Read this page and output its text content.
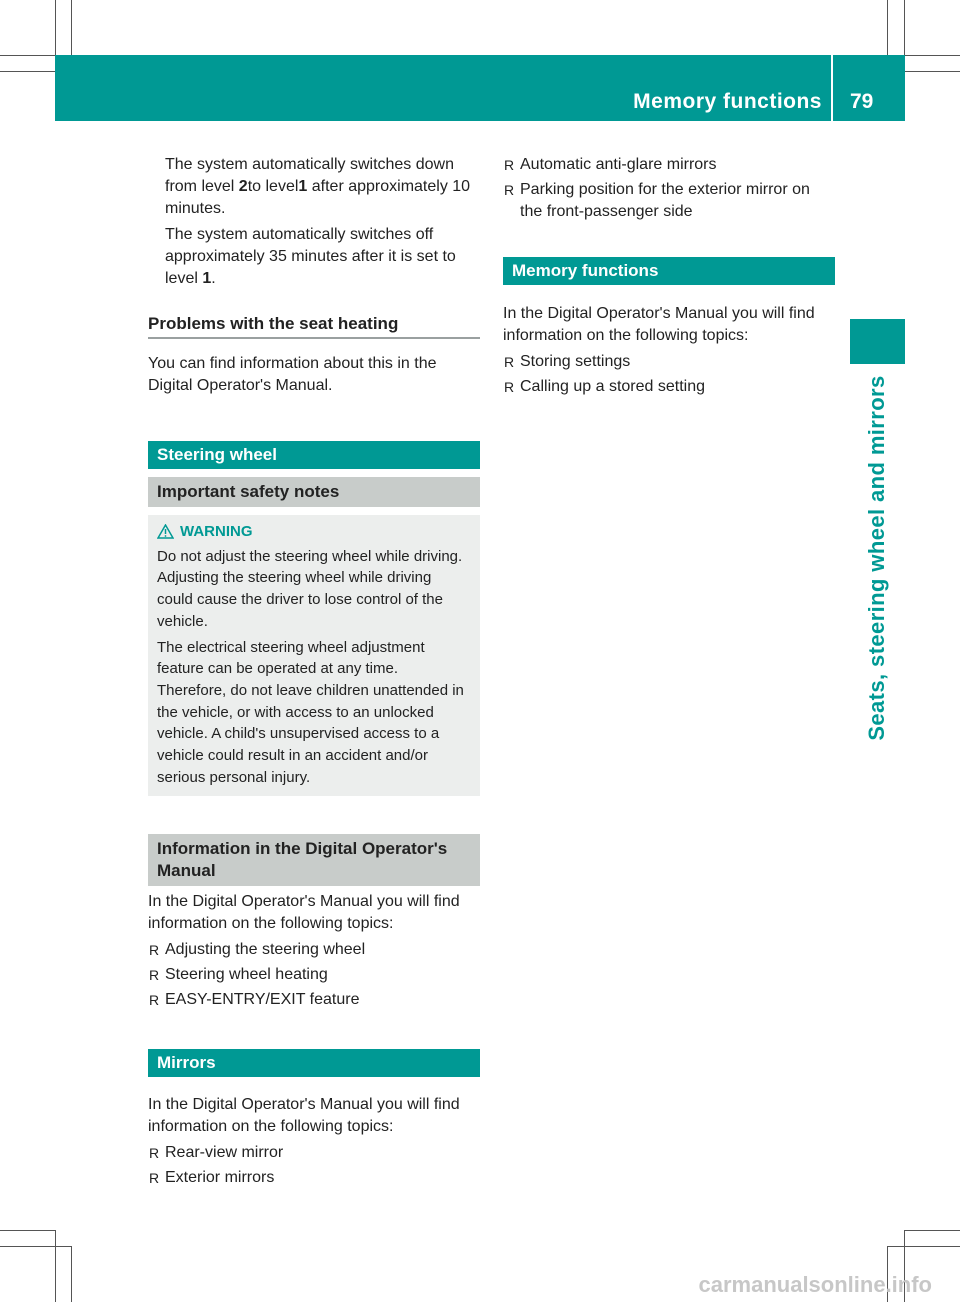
Memory functions 79
Seats, steering wheel and mirrors

The system automatically switches down from level 2to level1 after approximately 10 minutes.

The system automatically switches off approximately 35 minutes after it is set to level 1.

Problems with the seat heating

You can find information about this in the Digital Operator's Manual.

Steering wheel
Important safety notes
WARNING

Do not adjust the steering wheel while driving. Adjusting the steering wheel while driving could cause the driver to lose control of the vehicle.

The electrical steering wheel adjustment feature can be operated at any time. Therefore, do not leave children unattended in the vehicle, or with access to an unlocked vehicle. A child's unsupervised access to a vehicle could result in an accident and/or serious personal injury.

Information in the Digital Operator's Manual

In the Digital Operator's Manual you will find information on the following topics:

R Adjusting the steering wheel
R Steering wheel heating
R EASY-ENTRY/EXIT feature
Mirrors

In the Digital Operator's Manual you will find information on the following topics:

R Rear-view mirror
R Exterior mirrors
R Automatic anti-glare mirrors
R Parking position for the exterior mirror on the front-passenger side
Memory functions

In the Digital Operator's Manual you will find information on the following topics:

R Storing settings
R Calling up a stored setting
carmanualsonline.info
